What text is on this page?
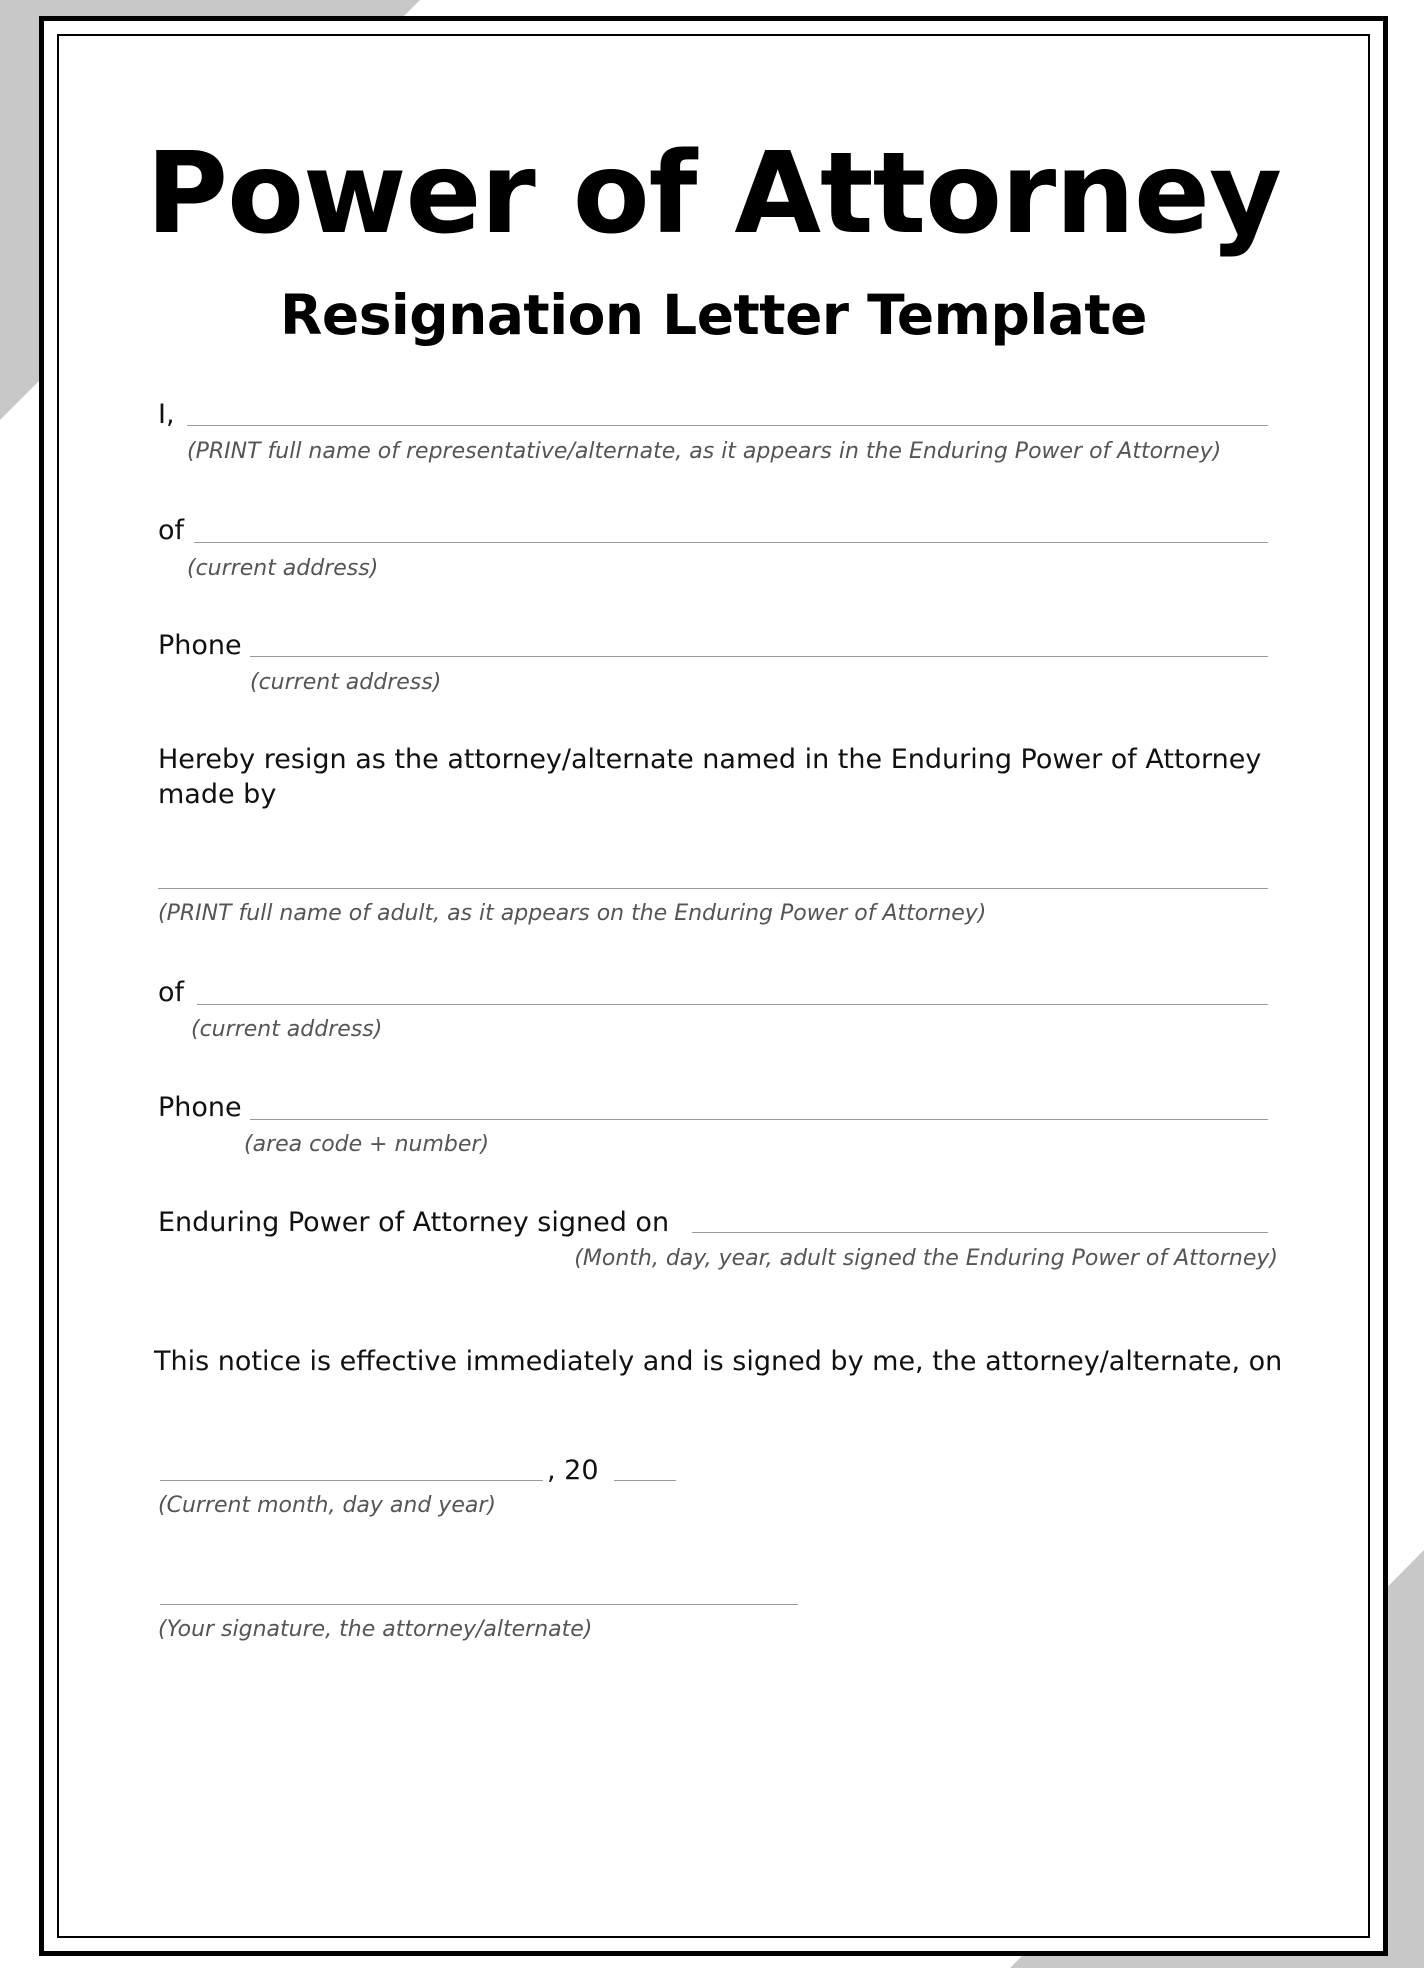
Power of Attorney
Resignation Letter Template
I,
(PRINT full name of representative/alternate, as it appears in the Enduring Power of Attorney)
of
(current address)
Phone
(current address)
Hereby resign as the attorney/alternate named in the Enduring Power of Attorney made by
(PRINT full name of adult, as it appears on the Enduring Power of Attorney)
of
(current address)
Phone
(area code + number)
Enduring Power of Attorney signed on
(Month, day, year, adult signed the Enduring Power of Attorney)
This notice is effective immediately and is signed by me, the attorney/alternate, on
, 20
(Current month, day and year)
(Your signature, the attorney/alternate)
